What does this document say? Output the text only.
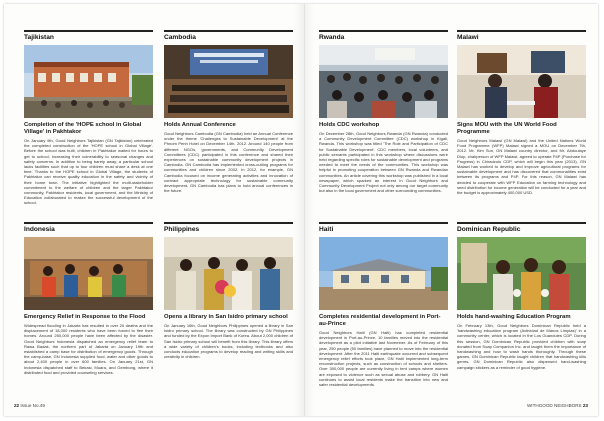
Tajikistan
Completion of the 'HOPE school in Global Village' in Pakhtakor
On January 9th, Good Neighbors Tajikistan (GN Tajikistan) celebrated the completed construction of the 'HOPE school in Global Village'. Before the school was built, children in Pakhtakor waited for hours to get to school, increasing their vulnerability to seasonal changes and safety concerns. In addition to being barely away, a particular school lacks facilities such that up to four children must share a desk at one time. Thanks to the HOPE school in Global Village, the students of Pakhtakor can receive quality education in the safety and vicinity of their home town. The initiative highlighted the multi-stakeholder commitment to the welfare of children and the larger Pakhtakor community, Pakhtakor residents, local government, and the Ministry of Education collaborated to realize the successful development of the school.
Cambodia
Holds Annual Conference
Good Neighbors Cambodia (GN Cambodia) held an Annual Conference under the theme 'Challenges to Sustainable Development' at the Phnom Penh Hotel on December 14th, 2012. Around 140 people from different NGOs, governments, and Community Development Committees (CDC) participated in this conference and shared their experiences on sustainable community development projects in Cambodia. GN Cambodia has implemented cross-cutting programs for communities and children since 2002. In 2012, for example, GN Cambodia focused on income generating activities and innovation of contract appropriate technology for sustainable community development. GN Cambodia has plans to hold annual conferences in the future.
Rwanda
Holds CDC workshop
On December 28th, Good Neighbors Rwanda (GN Rwanda) conducted a Community Development Committee (CDC) workshop in Kigali, Rwanda. This workshop was titled 'The Role and Participation of CDC for Sustainable Development'. CDC members, local volunteers, and public servants participated in this workshop where discussions were held regarding specific roles for sustainable development and programs needed to meet the needs of the communities. This workshop was helpful in promoting cooperation between GN Rwanda and Rwandan communities. An article covering this workshop was published in a local newspaper, which sparked an interest in Good Neighbors and Community Development Project not only among our target community but also in the local government and other surrounding communities.
Malawi
Signs MOU with the UN World Food Programme
Good Neighbors Malawi (GN Malawi) and the United Nations World Food Programme (WFP) Malawi signed a MOU on December 7th, 2012. Mr. Kim Sun, GN Malawi country director, and Mr. Abdoulaye Diop, chairperson of WFP Malawi, agreed to operate P4P (Purchase for Progress) in Chiradzulu CDP, which will begin this year (2013). GN Malawi has worked to develop and improve agricultural programs for sustainable development and has discovered that commonalities exist between its programs and P4P. For this reason, GN Malawi has decided to cooperate with WFP Education on farming technology and seed distribution for income generation will be conducted for a year and the budget is approximately 400,000 USD.
Indonesia
Emergency Relief in Response to the Flood
Widespread flooding in Jakarta has resulted in over 20 deaths and the displacement of 18,000 residents who have been forced to flee their homes. Around 250,000 people have been affected by the disaster. Good Neighbors Indonesia dispatched an emergency relief team to Rawa Badak, the northern part of Jakarta on January 19th and established a camp base for distribution of emergency goods. Through the camp-base, GN Indonesia supplied food, water and other goods to about 2,400 people in over 600 families. On January 21st, GN Indonesia dispatched staff to Bekasi, Muara, and Gembong, where it distributed food and provided counseling services.
Philippines
Opens a library in San Isidro primary school
On January 16th, Good Neighbors Philippines opened a library in San Isidro primary school. The library was constructed by GN Philippines and funded by the Expon Import Bank of Korea. About 2,000 children of San Isidro primary school will benefit from this library. This library offers a wide variety of children's books, including textbooks and also conducts education programs to develop reading and writing skills and creativity in children.
Haiti
Completes residential development in Port-au-Prince
Good Neighbors Haiti (GN Haiti) has completed residential development in Port-au-Prince. 10 families moved into the residential development as a pilot initiative last November. As of February of this year, 250 people (50 families) have planned to move into the residential development. After the 2011 Haiti earthquake occurred and subsequent emergency relief efforts took place, GN Haiti implemented long-term reconstruction projects, such as construction of schools and shelters. Over 300,000 people are currently living in tent camps where women are exposed to violence such as sexual abuse and robbery. GN Haiti continues to assist local residents make the transition into new and safer residential developments.
Dominican Republic
Holds hand-washing Education Program
On February 13th, Good Neighbors Dominican Republic held a 'handwashing education program (Actividad de Manos Limpias)' in a community center, which is located in the Los Guandules CDP. During this session, GN Dominican Republic provided children with soap donated from Soap Companion Inc. and taught them the importance of handwashing and how to wash hands thoroughly. Through these games, GN Dominican Republic taught children that handwashing kills germs. GN Dominican Republic also dispensed hand-washing campaign stickers as a reminder of good hygiene.
22 Issue No.49	WITHGOOD NEIGHBORS 23
